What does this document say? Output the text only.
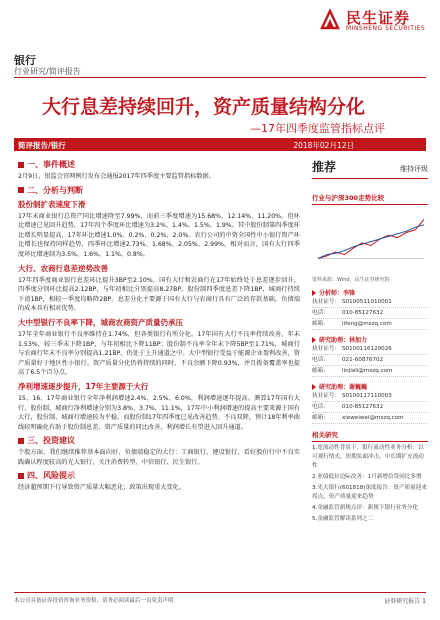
民生证券
MINSHENG SECURITIES
银行
行业研究/简评报告
大行息差持续回升，资产质量结构分化
—17年四季度监管指标点评
简评报告/银行	2018年02月12日
一、事件概述

2月9日，银监会官网例行发布会通报2017年四季度主要监管指标数据。

二、分析与判断
股份制扩表速度下滑

17年末商业银行总资产同比增速降至7.99%，而前三季度增速为15.68%、12.14%、11.20%。但环比增速已见回升趋势，17年四个季度环比增速为3.2%、1.4%、1.5%、1.9%。其中股份制第四季度环比增长明显提高，17年环比增速1.0%、0.2%、0.2%、2.0%。农行公司的中资全国性中小银行资产环比增长也保持同样趋势，四季环比增速2.73%、1.68%、2.05%、2.99%，相对而言，国有大行四季度环比增速制为3.5%、1.6%、1.1%、0.8%。

大行、农商行息差逆势改善

17年四季度商业银行息差环比提升3BP至2.10%，国有大行和农商行在17年始终处于息差逐步回升，四季度分别环比提高2.12BP，与年初相比分别提高8.27BP。股份制四季度息差下降1BP，城商行持续下滑1BP，相较一季度均略降2BP。息差分化主要源于国有大行与农商行具有广泛的存款基础，负债端的成本具有相对优势。

大中型银行不良率下降，城商农商资产质量仍承压

17年全年商业银行不良率维持在1.74%，但各类银行有所分化。17年国有大行不良率持续改善，年末1.53%，较三季末下降1BP，与年初相比下降11BP；股份制不良率全年末下降5BP至1.71%，城商行与农商行年末不良率分别提高1.21BP，仍处于上升通道之中。大中型银行受益于能源企业盈利改善，资产质量好于地区性小银行。资产质量分化仍将持续的同时，不良余额下降0.93%，并且拨备覆盖率也提高了6.5个百分点。

净利增速逐步提升，17年主要源于大行

15、16、17年商业银行全年净利润增速2.4%、2.5%、6.0%，利润增速逐年提高。测算17年国有大行、股份制、城商行净利增速分别为3.8%、3.7%、11.1%，17年中小利润增速的提高主要来源于国有大行，股份制、城商行增速较为平稳，而股份制17年四季度已见改善趋势，不良双降，预计18年利率曲线较明确化有助于股份制息差、资产质量的同比改善，利润增长有望进入回升通道。

三、投资建议

个股方面，我们继续推荐基本面向好、负债端稳定的大行：工商银行、建设银行，看好股份行中不良实践确认程度较高的光大银行，关注消费转型、中信银行、民生银行。

四、风险提示

经济超预期下行导致资产质量大幅恶化；政策出现重大变化。

推荐	维持评级
行业与沪深300走势比较
资料来源：Wind，民生证券研究院
分析师：李锋
执业证号： S0100511010001
电话：	010-85127632
邮箱：	lifeng@mszq.com
研究助理：林加力
执业证号： S0100116120026
电话：	021-60876702
邮箱：	linjiali@mszq.com
研究助理：谢巍巍
执业证号： S0100117110003
电话：	010-85127632
邮箱：	xieweiwei@mszq.com
相关研究
1.宽流动性背景下，银行流动性业务分析：以可观行情式，短期负面冲击，中长期扩充流动性
2.业绩低位边际改善：1月新增信贷同比多增
3.光大银行(601818)深度报告：资产质量迎来拐点，资产质量迎来趋势
4.金融监管新规点评：新规下银行业务分化
5.金融监管解读系列之二
本公司具备证券投资咨询业务资格，请务必阅读最后一页免责声明	证券研究报告 1
